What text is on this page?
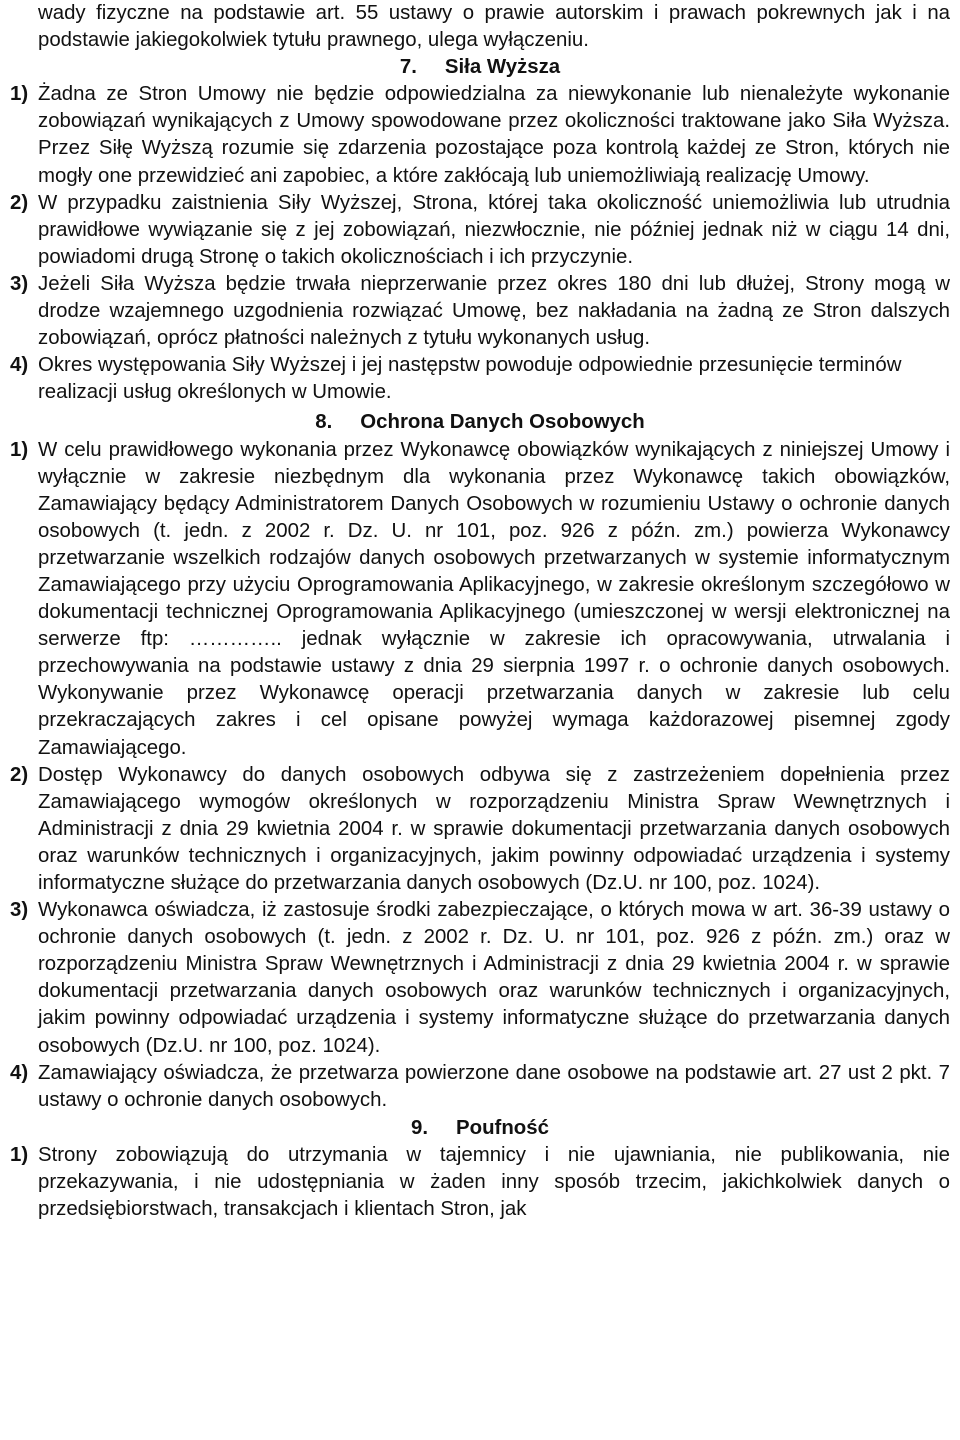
wady fizyczne na podstawie art. 55 ustawy o prawie autorskim i prawach pokrewnych jak i na podstawie jakiegokolwiek tytułu prawnego, ulega wyłączeniu.

7. Siła Wyższa
1) Żadna ze Stron Umowy nie będzie odpowiedzialna za niewykonanie lub nienależyte wykonanie zobowiązań wynikających z Umowy spowodowane przez okoliczności traktowane jako Siła Wyższa. Przez Siłę Wyższą rozumie się zdarzenia pozostające poza kontrolą każdej ze Stron, których nie mogły one przewidzieć ani zapobiec, a które zakłócają lub uniemożliwiają realizację Umowy.
2) W przypadku zaistnienia Siły Wyższej, Strona, której taka okoliczność uniemożliwia lub utrudnia prawidłowe wywiązanie się z jej zobowiązań, niezwłocznie, nie później jednak niż w ciągu 14 dni, powiadomi drugą Stronę o takich okolicznościach i ich przyczynie.
3) Jeżeli Siła Wyższa będzie trwała nieprzerwanie przez okres 180 dni lub dłużej, Strony mogą w drodze wzajemnego uzgodnienia rozwiązać Umowę, bez nakładania na żadną ze Stron dalszych zobowiązań, oprócz płatności należnych z tytułu wykonanych usług.
4) Okres występowania Siły Wyższej i jej następstw powoduje odpowiednie przesunięcie terminów realizacji usług określonych w Umowie.
8. Ochrona Danych Osobowych
1) W celu prawidłowego wykonania przez Wykonawcę obowiązków wynikających z niniejszej Umowy i wyłącznie w zakresie niezbędnym dla wykonania przez Wykonawcę takich obowiązków, Zamawiający będący Administratorem Danych Osobowych w rozumieniu Ustawy o ochronie danych osobowych (t. jedn. z 2002 r. Dz. U. nr 101, poz. 926 z późn. zm.) powierza Wykonawcy przetwarzanie wszelkich rodzajów danych osobowych przetwarzanych w systemie informatycznym Zamawiającego przy użyciu Oprogramowania Aplikacyjnego, w zakresie określonym szczegółowo w dokumentacji technicznej Oprogramowania Aplikacyjnego (umieszczonej w wersji elektronicznej na serwerze ftp: ………….. jednak wyłącznie w zakresie ich opracowywania, utrwalania i przechowywania na podstawie ustawy z dnia 29 sierpnia 1997 r. o ochronie danych osobowych. Wykonywanie przez Wykonawcę operacji przetwarzania danych w zakresie lub celu przekraczających zakres i cel opisane powyżej wymaga każdorazowej pisemnej zgody Zamawiającego.
2) Dostęp Wykonawcy do danych osobowych odbywa się z zastrzeżeniem dopełnienia przez Zamawiającego wymogów określonych w rozporządzeniu Ministra Spraw Wewnętrznych i Administracji z dnia 29 kwietnia 2004 r. w sprawie dokumentacji przetwarzania danych osobowych oraz warunków technicznych i organizacyjnych, jakim powinny odpowiadać urządzenia i systemy informatyczne służące do przetwarzania danych osobowych (Dz.U. nr 100, poz. 1024).
3) Wykonawca oświadcza, iż zastosuje środki zabezpieczające, o których mowa w art. 36-39 ustawy o ochronie danych osobowych (t. jedn. z 2002 r. Dz. U. nr 101, poz. 926 z późn. zm.) oraz w rozporządzeniu Ministra Spraw Wewnętrznych i Administracji z dnia 29 kwietnia 2004 r. w sprawie dokumentacji przetwarzania danych osobowych oraz warunków technicznych i organizacyjnych, jakim powinny odpowiadać urządzenia i systemy informatyczne służące do przetwarzania danych osobowych (Dz.U. nr 100, poz. 1024).
4) Zamawiający oświadcza, że przetwarza powierzone dane osobowe na podstawie art. 27 ust 2 pkt. 7 ustawy o ochronie danych osobowych.
9. Poufność
1) Strony zobowiązują do utrzymania w tajemnicy i nie ujawniania, nie publikowania, nie przekazywania, i nie udostępniania w żaden inny sposób trzecim, jakichkolwiek danych o przedsiębiorstwach, transakcjach i klientach Stron, jak
